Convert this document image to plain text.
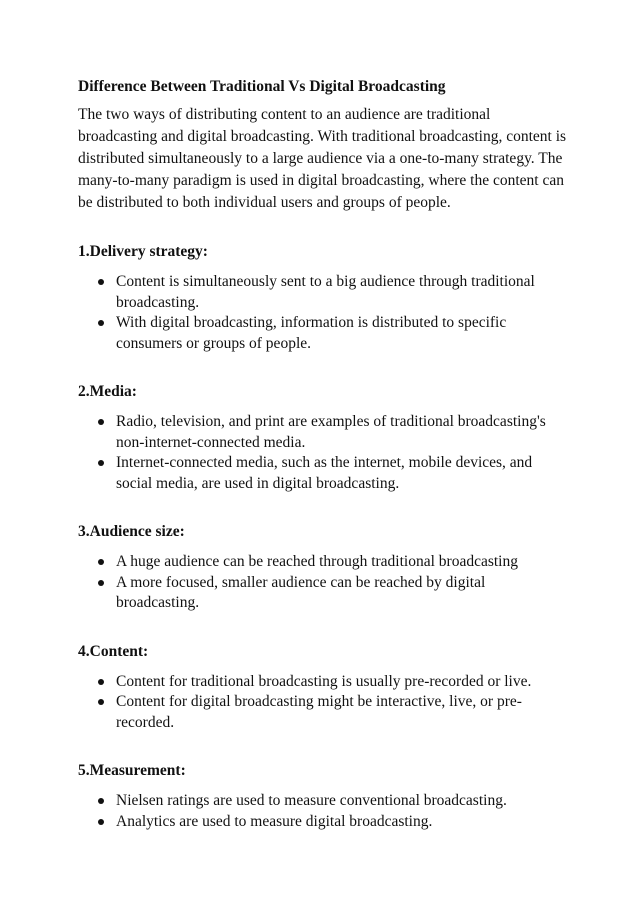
Difference Between Traditional Vs Digital Broadcasting

The two ways of distributing content to an audience are traditional broadcasting and digital broadcasting. With traditional broadcasting, content is distributed simultaneously to a large audience via a one-to-many strategy. The many-to-many paradigm is used in digital broadcasting, where the content can be distributed to both individual users and groups of people.

1.Delivery strategy:
Content is simultaneously sent to a big audience through traditional broadcasting.
With digital broadcasting, information is distributed to specific consumers or groups of people.
2.Media:
Radio, television, and print are examples of traditional broadcasting's non-internet-connected media.
Internet-connected media, such as the internet, mobile devices, and social media, are used in digital broadcasting.
3.Audience size:
A huge audience can be reached through traditional broadcasting
A more focused, smaller audience can be reached by digital broadcasting.
4.Content:
Content for traditional broadcasting is usually pre-recorded or live.
Content for digital broadcasting might be interactive, live, or pre-recorded.
5.Measurement:
Nielsen ratings are used to measure conventional broadcasting.
Analytics are used to measure digital broadcasting.
